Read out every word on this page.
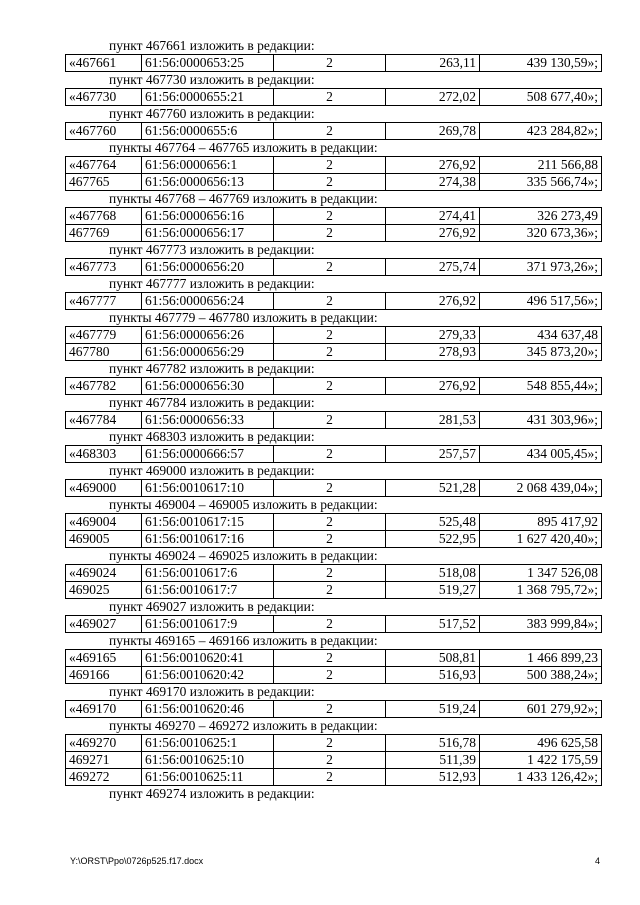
пункт 467661 изложить в редакции:
«467661	61:56:0000653:25	2	263,11	439 130,59»;
пункт 467730 изложить в редакции:
«467730	61:56:0000655:21	2	272,02	508 677,40»;
пункт 467760 изложить в редакции:
«467760	61:56:0000655:6	2	269,78	423 284,82»;
пункты 467764 – 467765 изложить в редакции:
«467764	61:56:0000656:1	2	276,92	211 566,88
467765	61:56:0000656:13	2	274,38	335 566,74»;
пункты 467768 – 467769 изложить в редакции:
«467768	61:56:0000656:16	2	274,41	326 273,49
467769	61:56:0000656:17	2	276,92	320 673,36»;
пункт 467773 изложить в редакции:
«467773	61:56:0000656:20	2	275,74	371 973,26»;
пункт 467777 изложить в редакции:
«467777	61:56:0000656:24	2	276,92	496 517,56»;
пункты 467779 – 467780 изложить в редакции:
«467779	61:56:0000656:26	2	279,33	434 637,48
467780	61:56:0000656:29	2	278,93	345 873,20»;
пункт 467782 изложить в редакции:
«467782	61:56:0000656:30	2	276,92	548 855,44»;
пункт 467784 изложить в редакции:
«467784	61:56:0000656:33	2	281,53	431 303,96»;
пункт 468303 изложить в редакции:
«468303	61:56:0000666:57	2	257,57	434 005,45»;
пункт 469000 изложить в редакции:
«469000	61:56:0010617:10	2	521,28	2 068 439,04»;
пункты 469004 – 469005 изложить в редакции:
«469004	61:56:0010617:15	2	525,48	895 417,92
469005	61:56:0010617:16	2	522,95	1 627 420,40»;
пункты 469024 – 469025 изложить в редакции:
«469024	61:56:0010617:6	2	518,08	1 347 526,08
469025	61:56:0010617:7	2	519,27	1 368 795,72»;
пункт 469027 изложить в редакции:
«469027	61:56:0010617:9	2	517,52	383 999,84»;
пункты 469165 – 469166 изложить в редакции:
«469165	61:56:0010620:41	2	508,81	1 466 899,23
469166	61:56:0010620:42	2	516,93	500 388,24»;
пункт 469170 изложить в редакции:
«469170	61:56:0010620:46	2	519,24	601 279,92»;
пункты 469270 – 469272 изложить в редакции:
«469270	61:56:0010625:1	2	516,78	496 625,58
469271	61:56:0010625:10	2	511,39	1 422 175,59
469272	61:56:0010625:11	2	512,93	1 433 126,42»;
пункт 469274 изложить в редакции:
Y:\ORST\Ppo\0726p525.f17.docx	4
